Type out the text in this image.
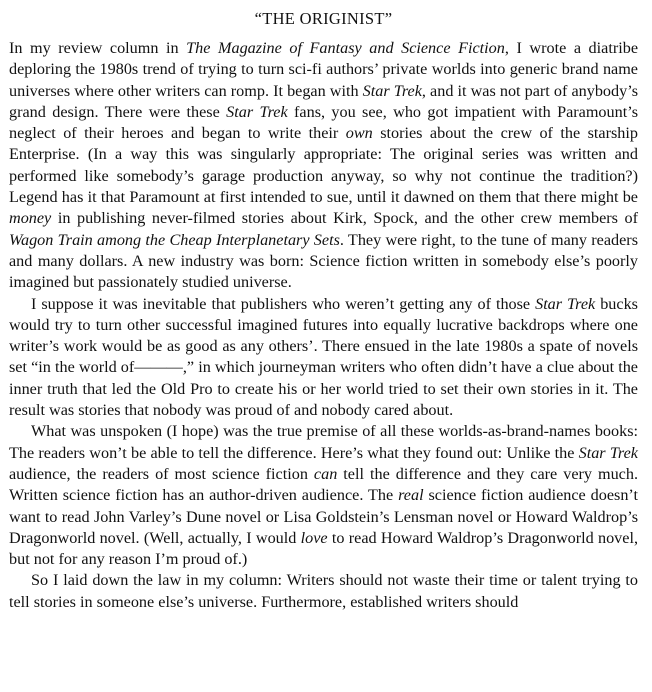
“THE ORIGINIST”

In my review column in The Magazine of Fantasy and Science Fiction, I wrote a diatribe deploring the 1980s trend of trying to turn sci-fi authors’ private worlds into generic brand name universes where other writers can romp. It began with Star Trek, and it was not part of anybody’s grand design. There were these Star Trek fans, you see, who got impatient with Paramount’s neglect of their heroes and began to write their own stories about the crew of the starship Enterprise. (In a way this was singularly appropriate: The original series was written and performed like somebody’s garage production anyway, so why not continue the tradition?) Legend has it that Paramount at first intended to sue, until it dawned on them that there might be money in publishing never-filmed stories about Kirk, Spock, and the other crew members of Wagon Train among the Cheap Interplanetary Sets. They were right, to the tune of many readers and many dollars. A new industry was born: Science fiction written in somebody else’s poorly imagined but passionately studied universe.

I suppose it was inevitable that publishers who weren’t getting any of those Star Trek bucks would try to turn other successful imagined futures into equally lucrative backdrops where one writer’s work would be as good as any others’. There ensued in the late 1980s a spate of novels set “in the world of———,” in which journeyman writers who often didn’t have a clue about the inner truth that led the Old Pro to create his or her world tried to set their own stories in it. The result was stories that nobody was proud of and nobody cared about.

What was unspoken (I hope) was the true premise of all these worlds-as-brand-names books: The readers won’t be able to tell the difference. Here’s what they found out: Unlike the Star Trek audience, the readers of most science fiction can tell the difference and they care very much. Written science fiction has an author-driven audience. The real science fiction audience doesn’t want to read John Varley’s Dune novel or Lisa Goldstein’s Lensman novel or Howard Waldrop’s Dragonworld novel. (Well, actually, I would love to read Howard Waldrop’s Dragonworld novel, but not for any reason I’m proud of.)

So I laid down the law in my column: Writers should not waste their time or talent trying to tell stories in someone else’s universe. Furthermore, established writers should
